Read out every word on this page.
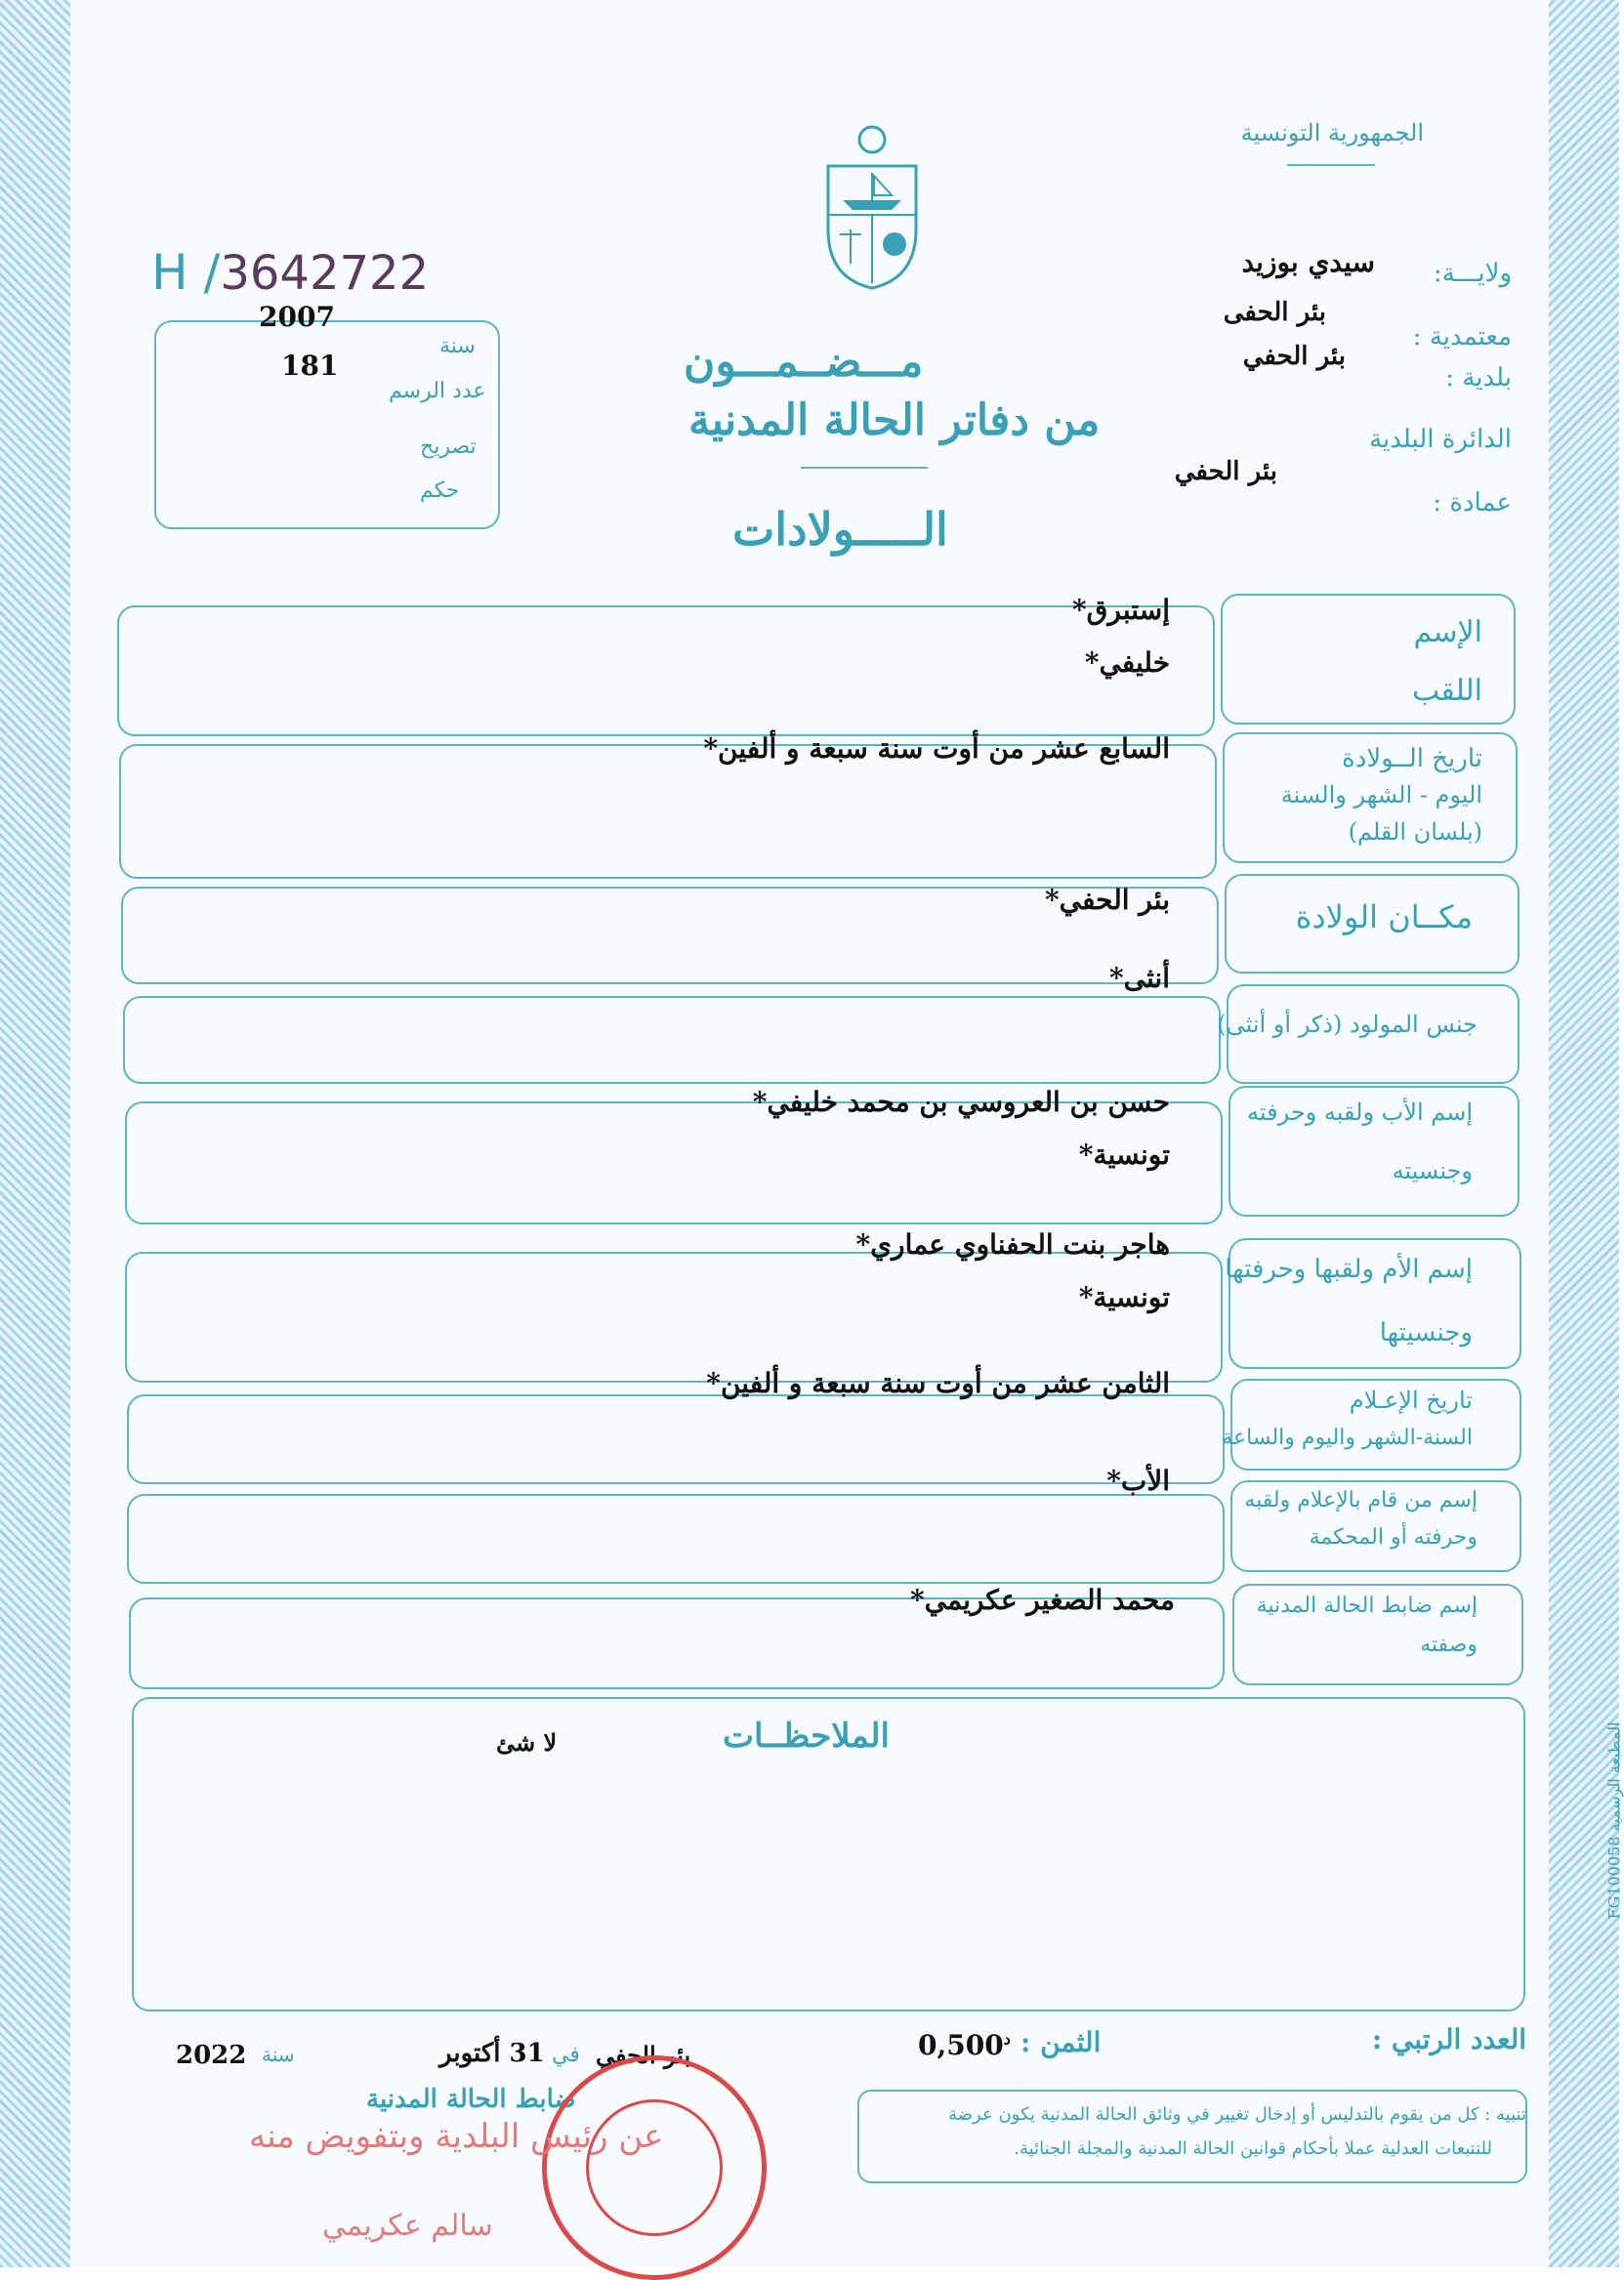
الجمهورية التونسية
ولايـــة:
سيدي بوزيد
معتمدية :
بئر الحفى
بلدية :
بئر الحفي
الدائرة البلدية
عمادة :
بئر الحفي
H /3642722
سنة
2007
عدد الرسم
181
تصريح
حكم
مـــضــمـــون
من دفاتر الحالة المدنية
الـــــولادات
الإسم
اللقب
إستبرق*
خليفي*
تاريخ الــولادة
اليوم - الشهر والسنة
(بلسان القلم)
السابع عشر من أوت سنة سبعة و ألفين*
مكــان الولادة
بئر الحفي*
جنس المولود (ذكر أو أنثى)
أنثى*
إسم الأب ولقبه وحرفته
وجنسيته
حسن بن العروسي بن محمد خليفي*
تونسية*
إسم الأم ولقبها وحرفتها
وجنسيتها
هاجر بنت الحفناوي عماري*
تونسية*
تاريخ الإعـلام
السنة-الشهر واليوم والساعة
الثامن عشر من أوت سنة سبعة و ألفين*
إسم من قام بالإعلام ولقبه
وحرفته أو المحكمة
الأب*
إسم ضابط الحالة المدنية
وصفته
محمد الصغير عكريمي*
الملاحظــات
لا شئ
المطبعة الرسمية FG100058
العدد الرتبي :
الثمن :
$0,500^د$
بئر الحفي
في
31 أكتوبر
سنة
2022
ضابط الحالة المدنية
عن رئيس البلدية وبتفويض منه
سالم عكريمي
تنبيه : كل من يقوم بالتدليس أو إدخال تغيير في وثائق الحالة المدنية يكون عرضة
للتتبعات العدلية عملا بأحكام قوانين الحالة المدنية والمجلة الجنائية.
